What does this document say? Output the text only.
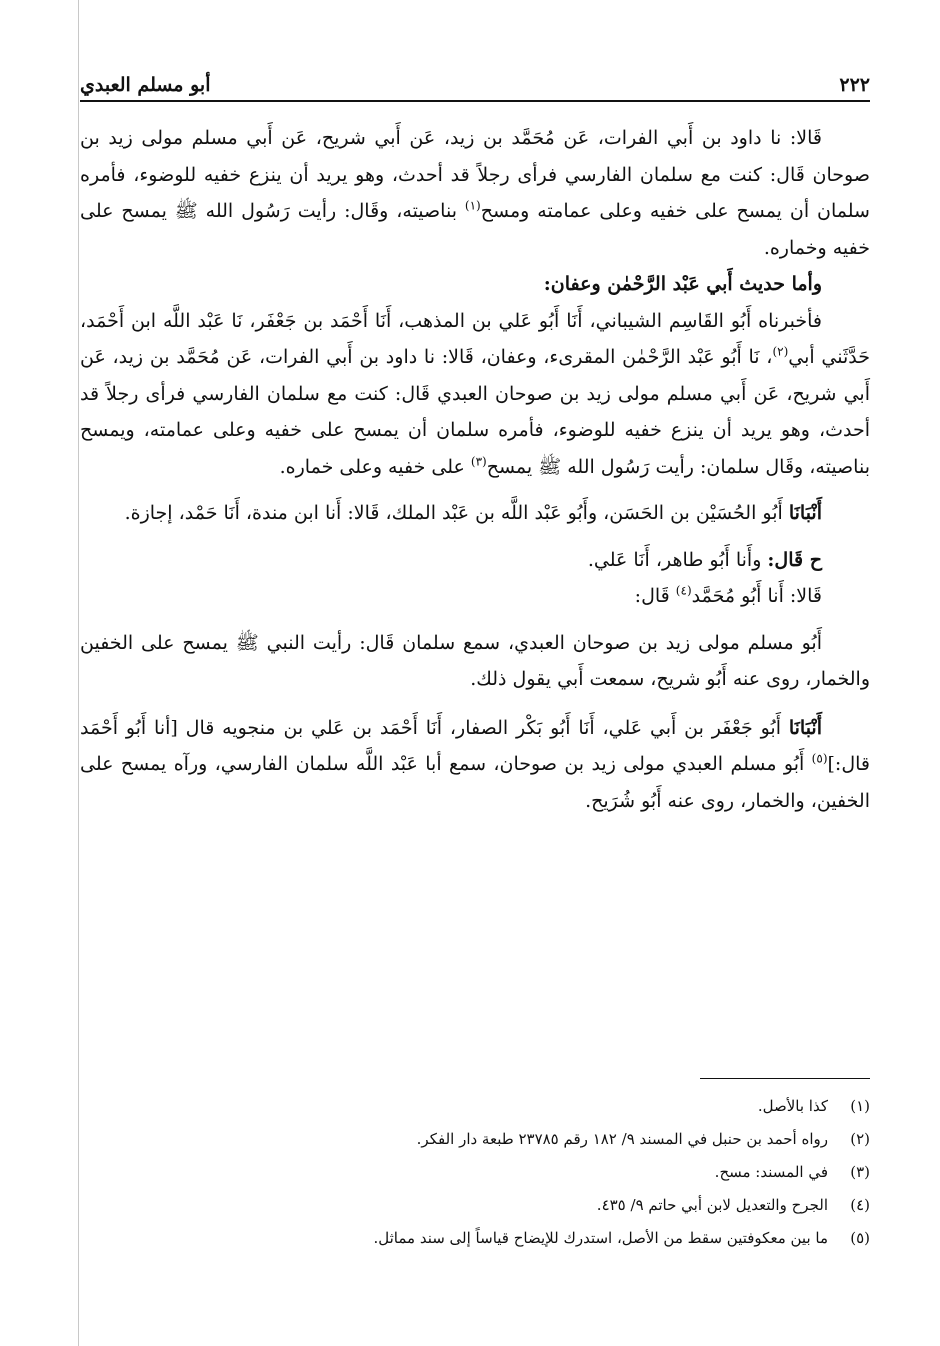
٢٢٢
أبو مسلم العبدي

قَالا: نا داود بن أَبي الفرات، عَن مُحَمَّد بن زيد، عَن أَبي شريح، عَن أَبي مسلم مولى زيد بن صوحان قَال: كنت مع سلمان الفارسي فرأى رجلاً قد أحدث، وهو يريد أن ينزع خفيه للوضوء، فأمره سلمان أن يمسح على خفيه وعلى عمامته ومسح$^{(١)}$ بناصيته، وقَال: رأيت رَسُول الله ﷺ يمسح على خفيه وخماره.

وأما حديث أَبي عَبْد الرَّحْمٰن وعفان:

فأخبرناه أَبُو القَاسِم الشيباني، أَنَا أَبُو عَلي بن المذهب، أَنَا أَحْمَد بن جَعْفَر، نَا عَبْد اللَّه ابن أَحْمَد، حَدَّثَني أبي$^{(٢)}$، نَا أَبُو عَبْد الرَّحْمٰن المقرىء، وعفان، قَالا: نا داود بن أَبي الفرات، عَن مُحَمَّد بن زيد، عَن أَبي شريح، عَن أَبي مسلم مولى زيد بن صوحان العبدي قَال: كنت مع سلمان الفارسي فرأى رجلاً قد أحدث، وهو يريد أن ينزع خفيه للوضوء، فأمره سلمان أن يمسح على خفيه وعلى عمامته، ويمسح بناصيته، وقَال سلمان: رأيت رَسُول الله ﷺ يمسح$^{(٣)}$ على خفيه وعلى خماره.

أَنْبَانَا أَبُو الحُسَيْن بن الحَسَن، وأَبُو عَبْد اللَّه بن عَبْد الملك، قَالا: أَنا ابن مندة، أَنَا حَمْد، إجازة.

ح قَال: وأَنا أَبُو طاهر، أَنَا عَلي.

قَالا: أَنا أَبُو مُحَمَّد$^{(٤)}$ قَال:

أَبُو مسلم مولى زيد بن صوحان العبدي، سمع سلمان قَال: رأيت النبي ﷺ يمسح على الخفين والخمار، روى عنه أَبُو شريح، سمعت أَبي يقول ذلك.

أَنْبَانَا أَبُو جَعْفَر بن أَبي عَلي، أَنَا أَبُو بَكْر الصفار، أَنَا أَحْمَد بن عَلي بن منجويه قال [أنا أَبُو أَحْمَد قال:]$^{(٥)}$ أَبُو مسلم العبدي مولى زيد بن صوحان، سمع أبا عَبْد اللَّه سلمان الفارسي، ورآه يمسح على الخفين، والخمار، روى عنه أَبُو شُرَيح.

(١)
كذا بالأصل.
(٢)
رواه أحمد بن حنبل في المسند ٩/ ١٨٢ رقم ٢٣٧٨٥ طبعة دار الفكر.
(٣)
في المسند: مسح.
(٤)
الجرح والتعديل لابن أبي حاتم ٩/ ٤٣٥.
(٥)
ما بين معكوفتين سقط من الأصل، استدرك للإيضاح قياساً إلى سند مماثل.
